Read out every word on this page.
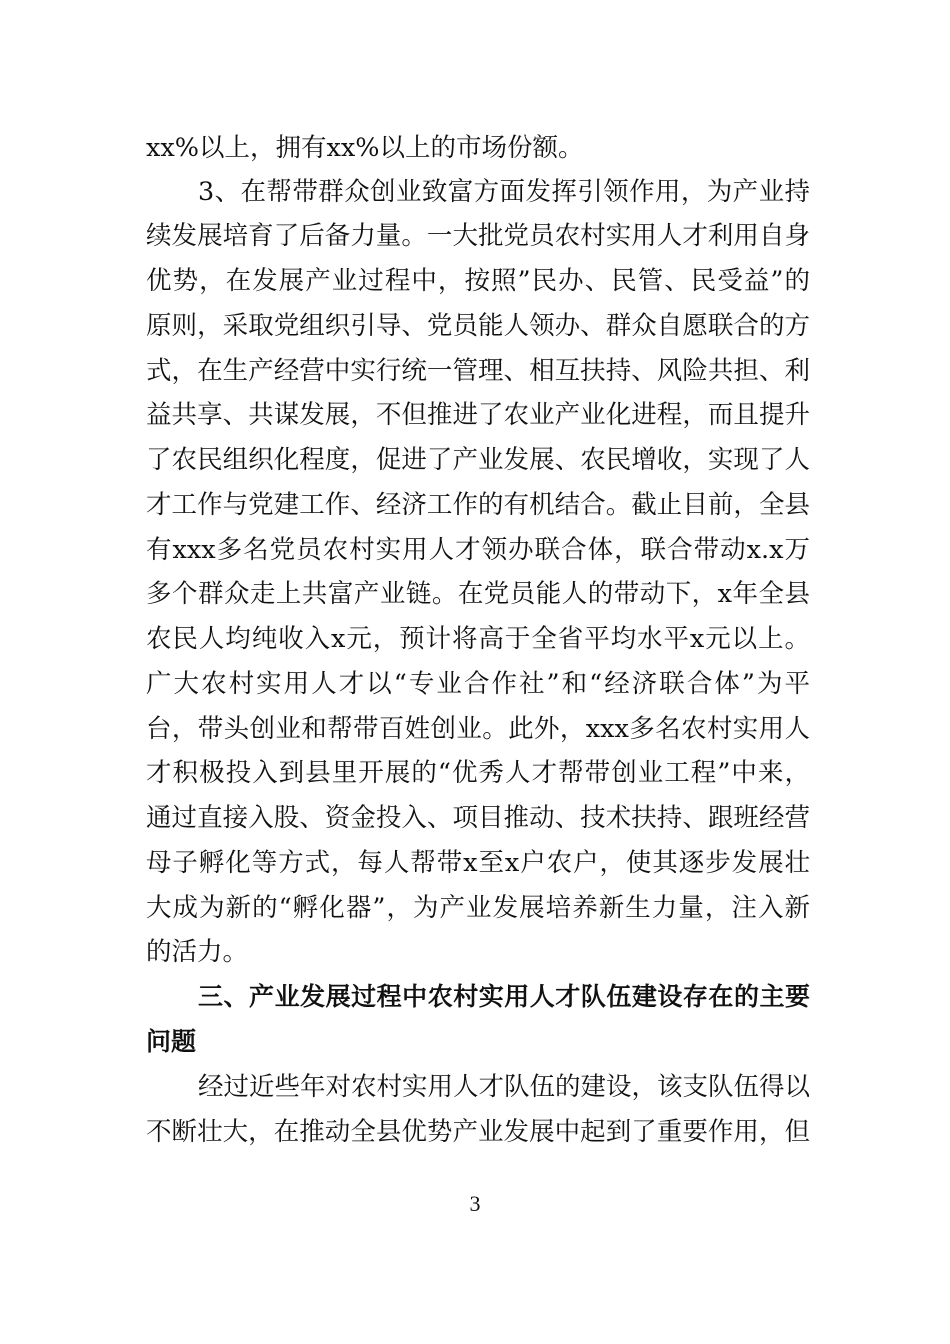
xx%以上，拥有xx%以上的市场份额。
3、在帮带群众创业致富方面发挥引领作用，为产业持
续发展培育了后备力量。一大批党员农村实用人才利用自身
优势，在发展产业过程中，按照”民办、民管、民受益”的
原则，采取党组织引导、党员能人领办、群众自愿联合的方
式，在生产经营中实行统一管理、相互扶持、风险共担、利
益共享、共谋发展，不但推进了农业产业化进程，而且提升
了农民组织化程度，促进了产业发展、农民增收，实现了人
才工作与党建工作、经济工作的有机结合。截止目前，全县
有xxx多名党员农村实用人才领办联合体，联合带动x.x万
多个群众走上共富产业链。在党员能人的带动下，x年全县
农民人均纯收入x元，预计将高于全省平均水平x元以上。
广大农村实用人才以“专业合作社”和“经济联合体”为平
台，带头创业和帮带百姓创业。此外，xxx多名农村实用人
才积极投入到县里开展的“优秀人才帮带创业工程”中来，
通过直接入股、资金投入、项目推动、技术扶持、跟班经营
母子孵化等方式，每人帮带x至x户农户，使其逐步发展壮
大成为新的“孵化器”，为产业发展培养新生力量，注入新
的活力。
三、产业发展过程中农村实用人才队伍建设存在的主要
问题
经过近些年对农村实用人才队伍的建设，该支队伍得以
不断壮大，在推动全县优势产业发展中起到了重要作用，但
3
